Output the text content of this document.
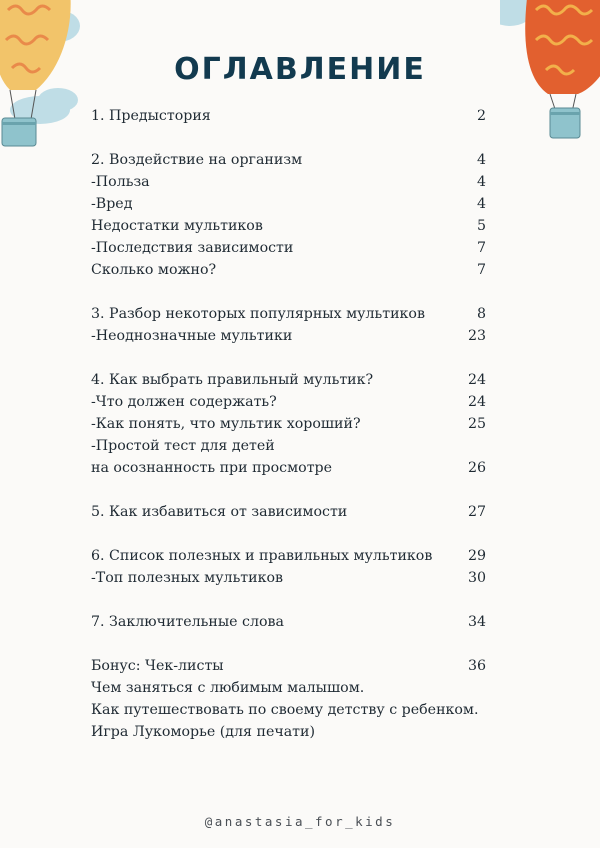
ОГЛАВЛЕНИЕ
1. Предыстория	2
2. Воздействие на организм	4
-Польза	4
-Вред	4
Недостатки мультиков	5
-Последствия зависимости	7
Сколько можно?	7
3. Разбор некоторых популярных мультиков	8
-Неоднозначные мультики	23
4. Как выбрать правильный мультик?	24
-Что должен содержать?	24
-Как понять, что мультик хороший?	25
-Простой тест для детей
на осознанность при просмотре	26
5. Как избавиться от зависимости	27
6. Список полезных и правильных мультиков	29
-Топ полезных мультиков	30
7. Заключительные слова	34
Бонус: Чек-листы	36
Чем заняться с любимым малышом.
Как путешествовать по своему детству с ребенком.
Игра Лукоморье (для печати)
@anastasia_for_kids
